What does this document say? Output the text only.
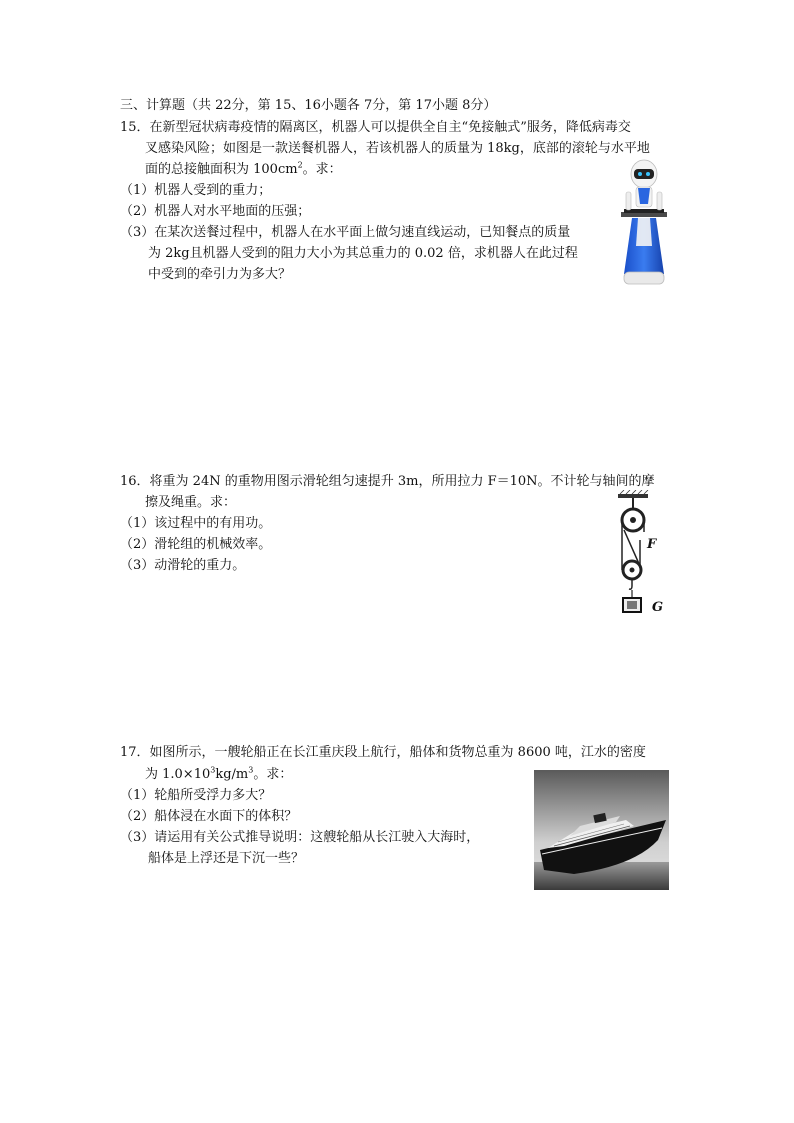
三、计算题（共 22分，第 15、16小题各 7分，第 17小题 8分）
15．在新型冠状病毒疫情的隔离区，机器人可以提供全自主“免接触式”服务，降低病毒交
叉感染风险；如图是一款送餐机器人，若该机器人的质量为 18kg，底部的滚轮与水平地
面的总接触面积为 $100cm^2$。求：
（1）机器人受到的重力；
（2）机器人对水平地面的压强；
（3）在某次送餐过程中，机器人在水平面上做匀速直线运动，已知餐点的质量
为 2kg且机器人受到的阻力大小为其总重力的 0.02 倍，求机器人在此过程
中受到的牵引力为多大？
16．将重为 24N 的重物用图示滑轮组匀速提升 3m，所用拉力 F＝10N。不计轮与轴间的摩
擦及绳重。求：
（1）该过程中的有用功。
（2）滑轮组的机械效率。
（3）动滑轮的重力。
F
G
17．如图所示，一艘轮船正在长江重庆段上航行，船体和货物总重为 8600 吨，江水的密度
为 $1.0\times 10^3kg/m^3$。求：
（1）轮船所受浮力多大？
（2）船体浸在水面下的体积？
（3）请运用有关公式推导说明：这艘轮船从长江驶入大海时，
船体是上浮还是下沉一些？
